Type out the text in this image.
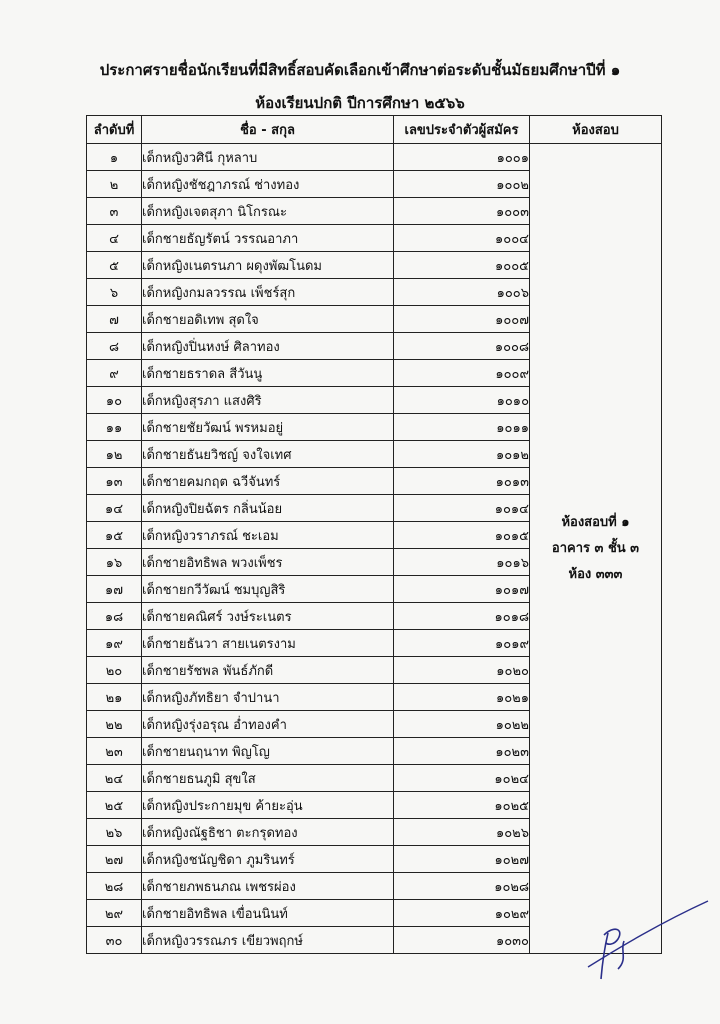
ประกาศรายชื่อนักเรียนที่มีสิทธิ์สอบคัดเลือกเข้าศึกษาต่อระดับชั้นมัธยมศึกษาปีที่ ๑
ห้องเรียนปกติ ปีการศึกษา ๒๕๖๖
ลำดับที่	ชื่อ - สกุล	เลขประจำตัวผู้สมัคร	ห้องสอบ
๑	เด็กหญิงวศินี กุหลาบ	๑๐๐๑	ห้องสอบที่ ๑
อาคาร ๓ ชั้น ๓
ห้อง ๓๓๓

๒	เด็กหญิงชัชฎาภรณ์ ช่างทอง	๑๐๐๒	
๓	เด็กหญิงเจตสุภา นิโกรณะ	๑๐๐๓	
๔	เด็กชายธัญรัตน์ วรรณอาภา	๑๐๐๔	
๕	เด็กหญิงเนตรนภา ผดุงพัฒโนดม	๑๐๐๕	
๖	เด็กหญิงกมลวรรณ เพ็ชร์สุก	๑๐๐๖	
๗	เด็กชายอดิเทพ สุดใจ	๑๐๐๗	
๘	เด็กหญิงปิ่นหงษ์ ศิลาทอง	๑๐๐๘	
๙	เด็กชายธราดล สีวันนู	๑๐๐๙	
๑๐	เด็กหญิงสุรภา แสงศิริ	๑๐๑๐	
๑๑	เด็กชายชัยวัฒน์ พรหมอยู่	๑๐๑๑	
๑๒	เด็กชายธันยวิชญ์ จงใจเทศ	๑๐๑๒	
๑๓	เด็กชายคมกฤต ฉวีจันทร์	๑๐๑๓	
๑๔	เด็กหญิงปิยฉัตร กลิ่นน้อย	๑๐๑๔	
๑๕	เด็กหญิงวราภรณ์ ชะเอม	๑๐๑๕	
๑๖	เด็กชายอิทธิพล พวงเพ็ชร	๑๐๑๖	
๑๗	เด็กชายกวีวัฒน์ ชมบุญสิริ	๑๐๑๗	
๑๘	เด็กชายคณิศร์ วงษ์ระเนตร	๑๐๑๘	
๑๙	เด็กชายธันวา สายเนตรงาม	๑๐๑๙	
๒๐	เด็กชายรัชพล พันธ์ภักดี	๑๐๒๐	
๒๑	เด็กหญิงภัทธิยา จำปานา	๑๐๒๑	
๒๒	เด็กหญิงรุ่งอรุณ อ่ำทองคำ	๑๐๒๒	
๒๓	เด็กชายนฤนาท พิญโญ	๑๐๒๓	
๒๔	เด็กชายธนภูมิ สุขใส	๑๐๒๔	
๒๕	เด็กหญิงประกายมุข ค้ายะอุ่น	๑๐๒๕	
๒๖	เด็กหญิงณัฐธิชา ตะกรุดทอง	๑๐๒๖	
๒๗	เด็กหญิงชนัญชิดา ภูมรินทร์	๑๐๒๗	
๒๘	เด็กชายภพธนภณ เพชรผ่อง	๑๐๒๘	
๒๙	เด็กชายอิทธิพล เขื่อนนินท์	๑๐๒๙	
๓๐	เด็กหญิงวรรณภร เขียวพฤกษ์	๑๐๓๐	
